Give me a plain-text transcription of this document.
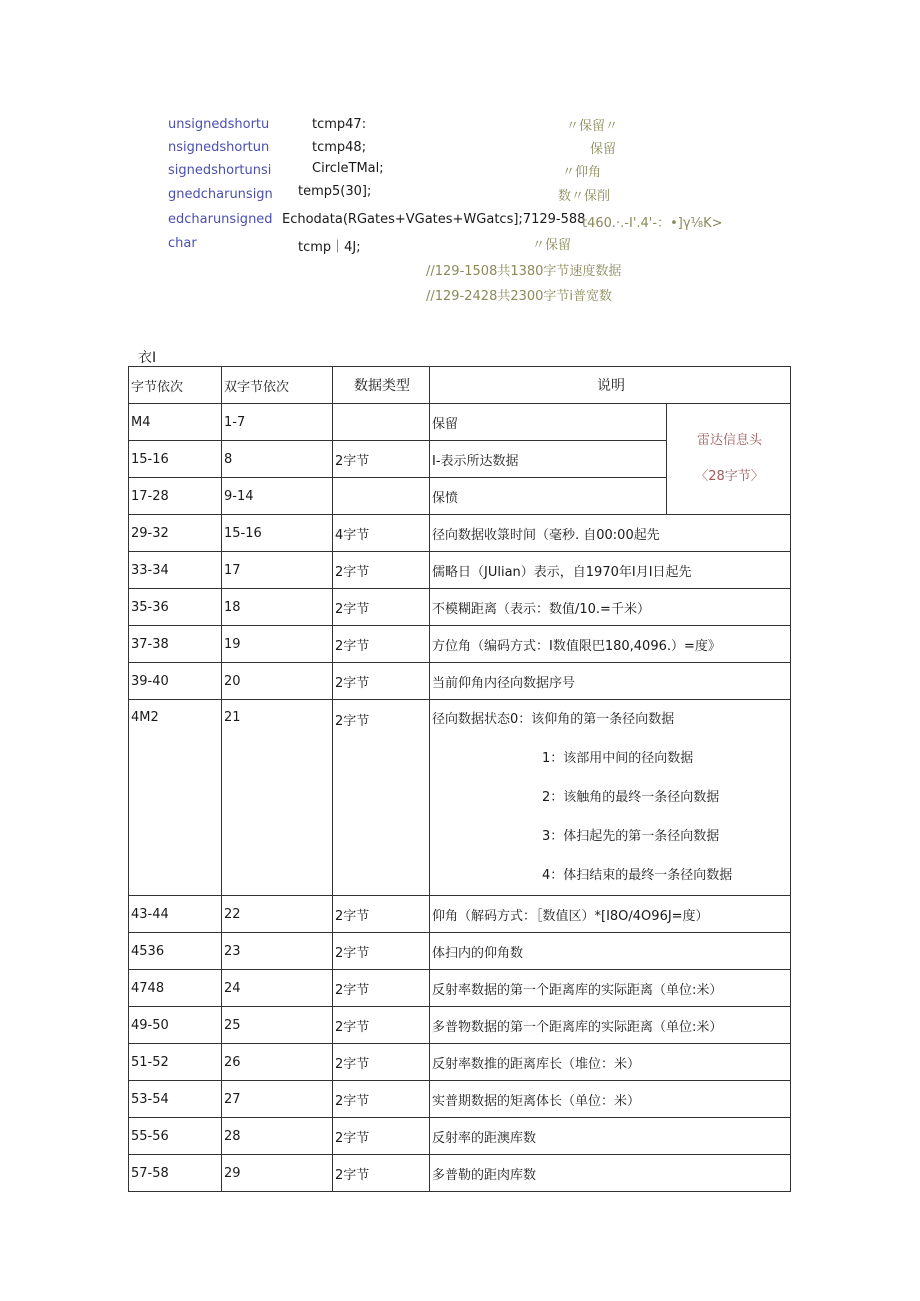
unsignedshortu	tcmp47:	〃保留〃
nsignedshortun	tcmp48;	保留
signedshortunsi	CircleTMal;	〃仰角
gnedcharunsign temp5(30];	数〃保削
edcharunsigned Echodata(RGates+VGates+WGatcs];7129-588
t460.·.-I'.4'-：•]γ⅛K>
char	tcmp｜4J;	〃保留
//129-1508共1380字节速度数据
//129-2428共2300字节i普宽数
衣I
字节依次	双字节依次	数据类型	说明	
M4	1-7		保留	雷达信息头
〈28字节〉

15-16	8	2字节	I-表示所达数据	
17-28	9-14		保愤	
29-32	15-16	4字节	径向数据收箓时间（毫秒. 自00:00起先	
33-34	17	2字节	儒略日（JUlian）表示，自1970年I月I日起先	
35-36	18	2字节	不模糊距离（表示：数值/10.=千米）	
37-38	19	2字节	方位角（编码方式：I数值限巴180,4096.）=度》	
39-40	20	2字节	当前仰角内径向数据序号	
4M2	21	2字节	径向数据状态0：该仰角的第一条径向数据
1：该部用中间的径向数据
2：该触角的最终一条径向数据
3：体扫起先的第一条径向数据
4：体扫结束的最终一条径向数据	

43-44	22	2字节	仰角（解码方式：［数值区）*[I8O∕4O96J=度）	
4536	23	2字节	体扫内的仰角数	
4748	24	2字节	反射率数据的第一个距离库的实际距离（单位:米）	
49-50	25	2字节	多普物数据的第一个距离库的实际距离（单位:米）	
51-52	26	2字节	反射率数推的距离库长（堆位：米）	
53-54	27	2字节	实普期数据的矩离体长（单位：米）	
55-56	28	2字节	反射率的距澳库数	
57-58	29	2字节	多普勒的距肉库数	
